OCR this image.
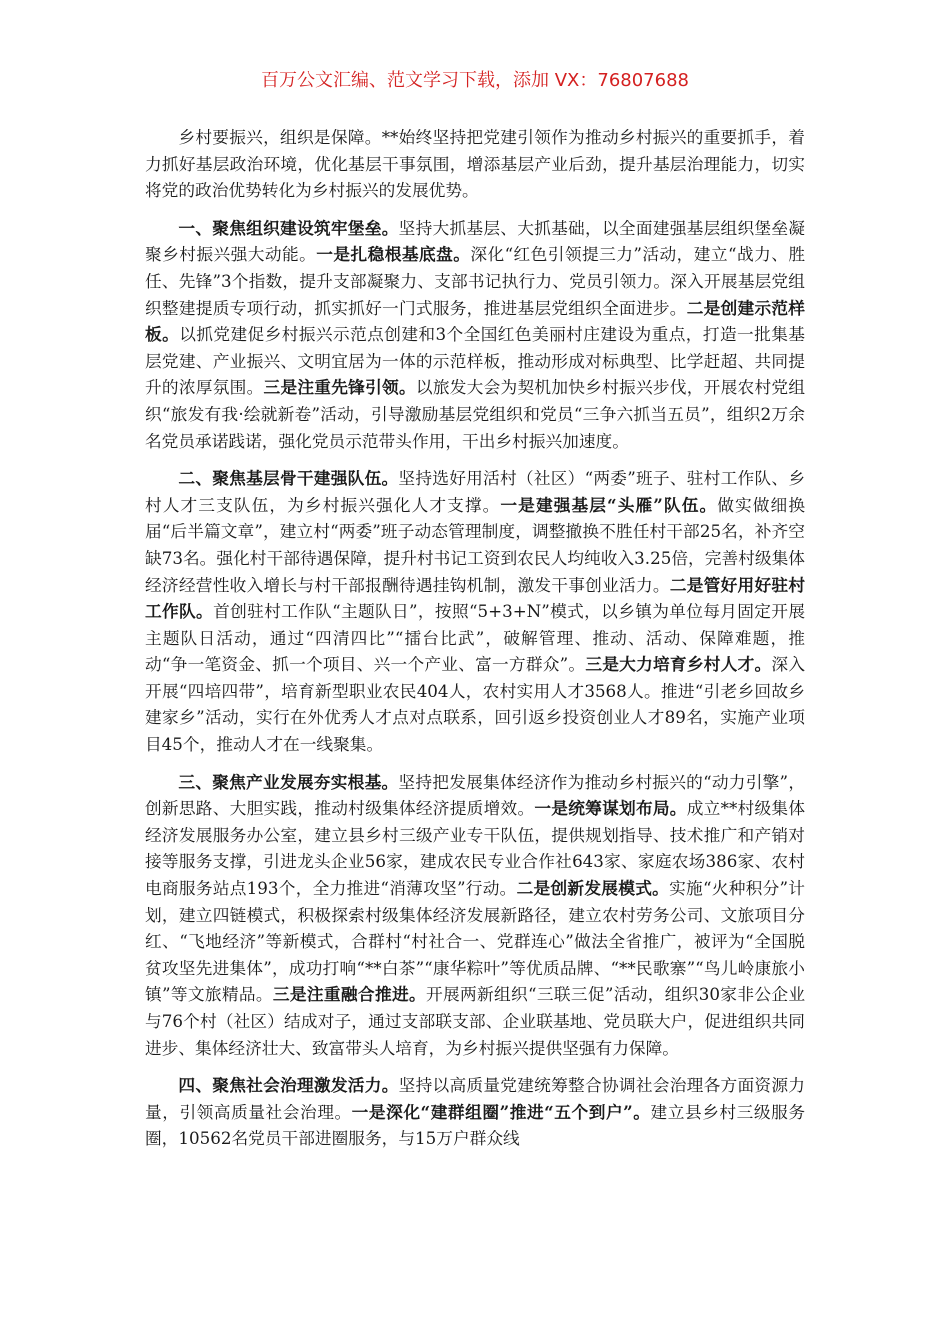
百万公文汇编、范文学习下载，添加 VX：76807688

乡村要振兴，组织是保障。**始终坚持把党建引领作为推动乡村振兴的重要抓手，着力抓好基层政治环境，优化基层干事氛围，增添基层产业后劲，提升基层治理能力，切实将党的政治优势转化为乡村振兴的发展优势。

一、聚焦组织建设筑牢堡垒。坚持大抓基层、大抓基础，以全面建强基层组织堡垒凝聚乡村振兴强大动能。一是扎稳根基底盘。深化“红色引领提三力”活动，建立“战力、胜任、先锋”3个指数，提升支部凝聚力、支部书记执行力、党员引领力。深入开展基层党组织整建提质专项行动，抓实抓好一门式服务，推进基层党组织全面进步。二是创建示范样板。以抓党建促乡村振兴示范点创建和3个全国红色美丽村庄建设为重点，打造一批集基层党建、产业振兴、文明宜居为一体的示范样板，推动形成对标典型、比学赶超、共同提升的浓厚氛围。三是注重先锋引领。以旅发大会为契机加快乡村振兴步伐，开展农村党组织“旅发有我·绘就新卷”活动，引导激励基层党组织和党员“三争六抓当五员”，组织2万余名党员承诺践诺，强化党员示范带头作用，干出乡村振兴加速度。

二、聚焦基层骨干建强队伍。坚持选好用活村（社区）“两委”班子、驻村工作队、乡村人才三支队伍，为乡村振兴强化人才支撑。一是建强基层“头雁”队伍。做实做细换届“后半篇文章”，建立村“两委”班子动态管理制度，调整撤换不胜任村干部25名，补齐空缺73名。强化村干部待遇保障，提升村书记工资到农民人均纯收入3.25倍，完善村级集体经济经营性收入增长与村干部报酬待遇挂钩机制，激发干事创业活力。二是管好用好驻村工作队。首创驻村工作队“主题队日”，按照“5+3+N”模式，以乡镇为单位每月固定开展主题队日活动，通过“四清四比”“擂台比武”，破解管理、推动、活动、保障难题，推动“争一笔资金、抓一个项目、兴一个产业、富一方群众”。三是大力培育乡村人才。深入开展“四培四带”，培育新型职业农民404人，农村实用人才3568人。推进“引老乡回故乡建家乡”活动，实行在外优秀人才点对点联系，回引返乡投资创业人才89名，实施产业项目45个，推动人才在一线聚集。

三、聚焦产业发展夯实根基。坚持把发展集体经济作为推动乡村振兴的“动力引擎”，创新思路、大胆实践，推动村级集体经济提质增效。一是统筹谋划布局。成立**村级集体经济发展服务办公室，建立县乡村三级产业专干队伍，提供规划指导、技术推广和产销对接等服务支撑，引进龙头企业56家，建成农民专业合作社643家、家庭农场386家、农村电商服务站点193个，全力推进“消薄攻坚”行动。二是创新发展模式。实施“火种积分”计划，建立四链模式，积极探索村级集体经济发展新路径，建立农村劳务公司、文旅项目分红、“飞地经济”等新模式，合群村“村社合一、党群连心”做法全省推广，被评为“全国脱贫攻坚先进集体”，成功打响“**白茶”“康华粽叶”等优质品牌、“**民歌寨”“鸟儿岭康旅小镇”等文旅精品。三是注重融合推进。开展两新组织“三联三促”活动，组织30家非公企业与76个村（社区）结成对子，通过支部联支部、企业联基地、党员联大户，促进组织共同进步、集体经济壮大、致富带头人培育，为乡村振兴提供坚强有力保障。

四、聚焦社会治理激发活力。坚持以高质量党建统筹整合协调社会治理各方面资源力量，引领高质量社会治理。一是深化“建群组圈”推进“五个到户”。建立县乡村三级服务圈，10562名党员干部进圈服务，与15万户群众线
